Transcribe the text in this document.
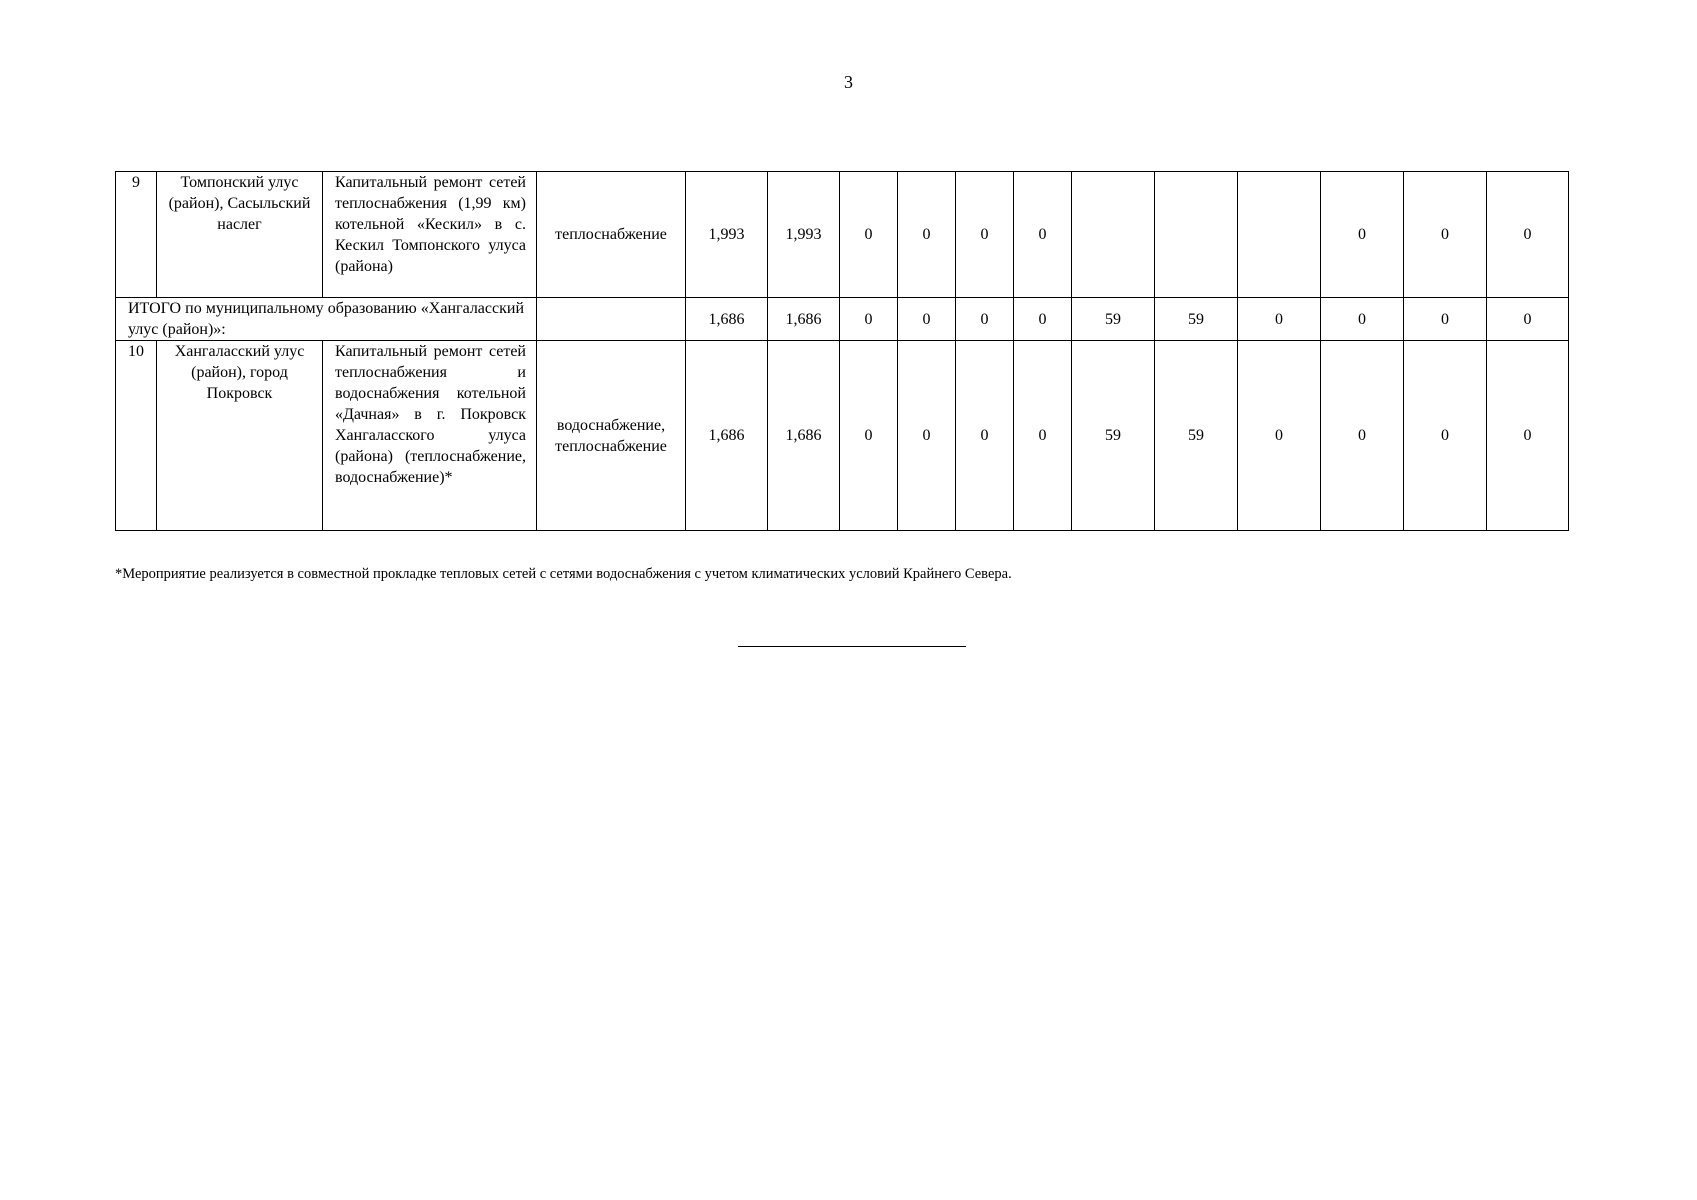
3
9	Томпонский улус (район), Сасыльский наслег	Капитальный ремонт сетей теплоснабжения (1,99 км) котельной «Кескил» в с. Кескил Томпонского улуса (района)	теплоснабжение	1,993	1,993	0	0	0	0				0	0	0
ИТОГО по муниципальному образованию «Хангаласский улус (район)»:				1,686	1,686	0	0	0	0	59	59	0	0	0	0
10	Хангаласский улус (район), город Покровск	Капитальный ремонт сетей теплоснабжения и водоснабжения котельной «Дачная» в г. Покровск Хангаласского улуса (района) (теплоснабжение, водоснабжение)*	водоснабжение, теплоснабжение	1,686	1,686	0	0	0	0	59	59	0	0	0	0
*Мероприятие реализуется в совместной прокладке тепловых сетей с сетями водоснабжения с учетом климатических условий Крайнего Севера.
